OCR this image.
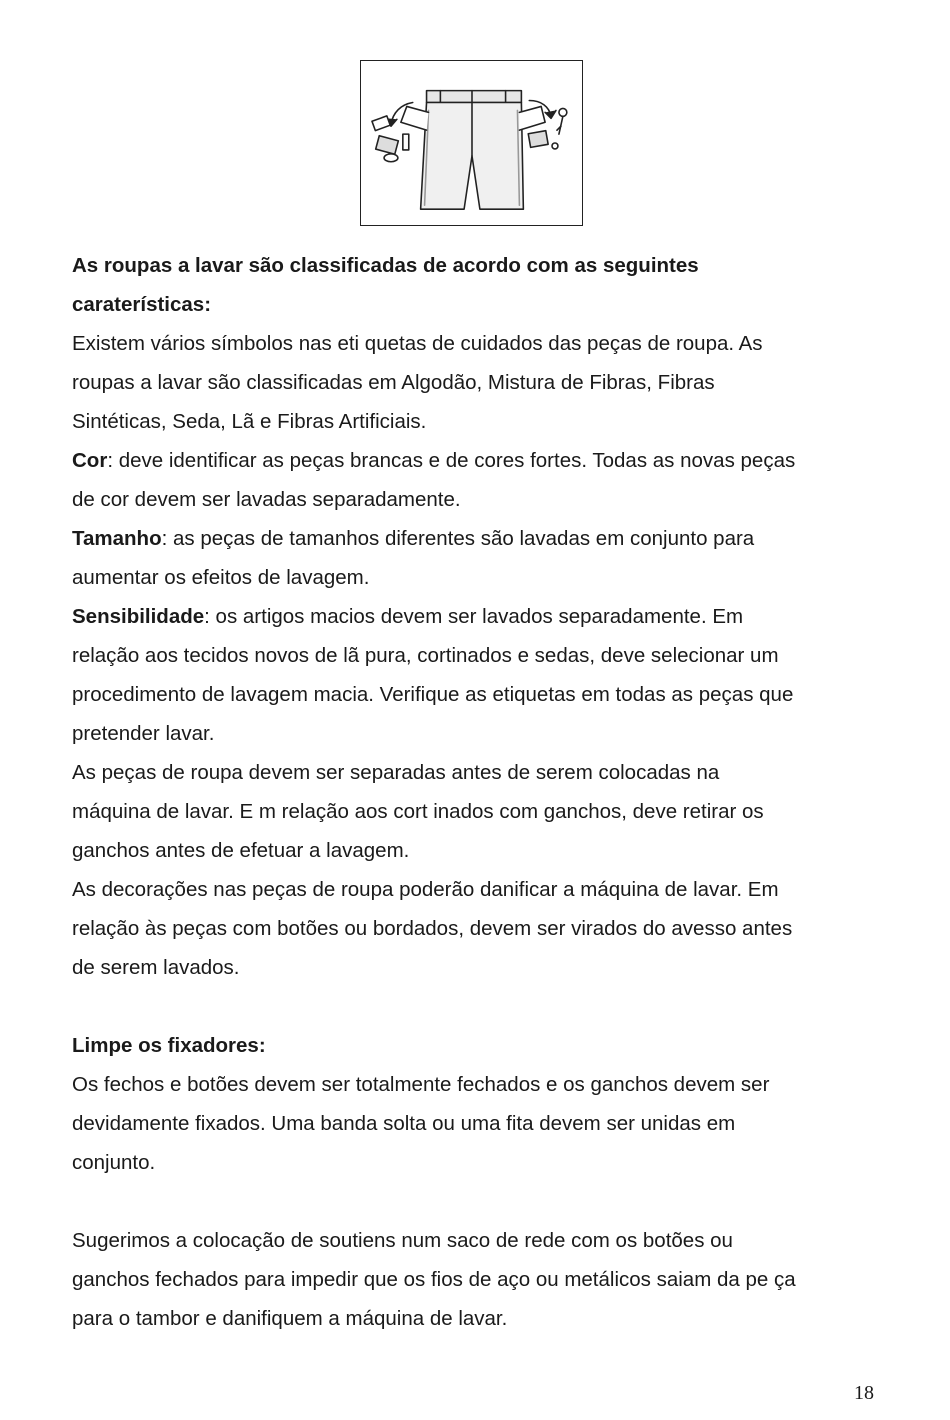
As roupas a lavar são classificadas de acordo com as seguintes
caraterísticas:
Existem vários símbolos nas eti quetas de cuidados das peças de roupa. As
roupas a lavar são classificadas em Algodão, Mistura de Fibras, Fibras
Sintéticas, Seda, Lã e Fibras Artificiais.
Cor: deve identificar as peças brancas e de cores fortes. Todas as novas peças
de cor devem ser lavadas separadamente.
Tamanho: as peças de tamanhos diferentes são lavadas em conjunto para
aumentar os efeitos de lavagem.
Sensibilidade: os artigos macios devem ser lavados separadamente. Em
relação aos tecidos novos de lã pura, cortinados e sedas, deve selecionar um
procedimento de lavagem macia. Verifique as etiquetas em todas as peças que
pretender lavar.
As peças de roupa devem ser separadas antes de serem colocadas na
máquina de lavar. E m relação aos cort inados com ganchos, deve retirar os
ganchos antes de efetuar a lavagem.
As decorações nas peças de roupa poderão danificar a máquina de lavar. Em
relação às peças com botões ou bordados, devem ser virados do avesso antes
de serem lavados.
Limpe os fixadores:
Os fechos e botões devem ser totalmente fechados e os ganchos devem ser
devidamente fixados. Uma banda solta ou uma fita devem ser unidas em
conjunto.
Sugerimos a colocação de soutiens num saco de rede com os botões ou
ganchos fechados para impedir que os fios de aço ou metálicos saiam da pe ça
para o tambor e danifiquem a máquina de lavar.
18
